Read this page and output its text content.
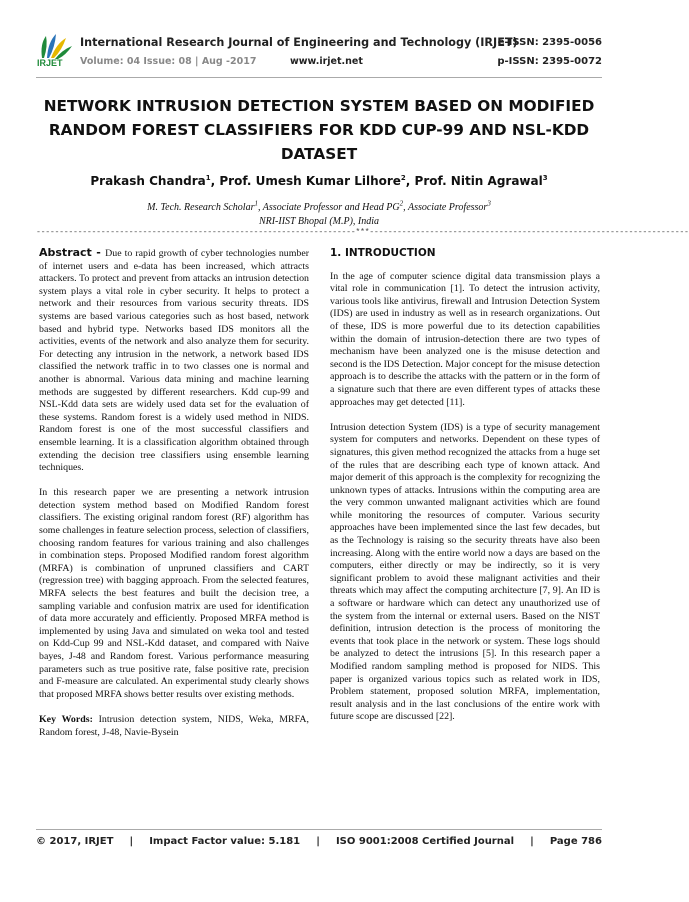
IRJET
International Research Journal of Engineering and Technology (IRJET)
e-ISSN: 2395-0056
Volume: 04 Issue: 08 | Aug -2017	www.irjet.net	p-ISSN: 2395-0072
NETWORK INTRUSION DETECTION SYSTEM BASED ON MODIFIED RANDOM FOREST CLASSIFIERS FOR KDD CUP-99 AND NSL-KDD DATASET
Prakash Chandra$^1$, Prof. Umesh Kumar Lilhore$^2$, Prof. Nitin Agrawal$^3$
M. Tech. Research Scholar$^1$, Associate Professor and Head $PG^2$, Associate Professor$^3$
NRI-IIST Bhopal (M.P), India
---------------------------------------------------------------------***---------------------------------------------------------------------

Abstract - Due to rapid growth of cyber technologies number of internet users and e-data has been increased, which attracts attackers. To protect and prevent from attacks an intrusion detection system plays a vital role in cyber security. It helps to protect a network and their resources from various security threats. IDS systems are based various categories such as host based, network based and hybrid type. Networks based IDS monitors all the activities, events of the network and also analyze them for security. For detecting any intrusion in the network, a network based IDS classified the network traffic in to two classes one is normal and another is abnormal. Various data mining and machine learning methods are suggested by different researchers. Kdd cup-99 and NSL-Kdd data sets are widely used data set for the evaluation of these systems. Random forest is a widely used method in NIDS. Random forest is one of the most successful classifiers and ensemble learning. It is a classification algorithm obtained through extending the decision tree classifiers using ensemble learning techniques.

In this research paper we are presenting a network intrusion detection system method based on Modified Random forest classifiers. The existing original random forest (RF) algorithm has some challenges in feature selection process, selection of classifiers, choosing random features for various training and also challenges in combination steps. Proposed Modified random forest algorithm (MRFA) is combination of unpruned classifiers and CART (regression tree) with bagging approach. From the selected features, MRFA selects the best features and built the decision tree, a sampling variable and confusion matrix are used for identification of data more accurately and efficiently. Proposed MRFA method is implemented by using Java and simulated on weka tool and tested on Kdd-Cup 99 and NSL-Kdd dataset, and compared with Naive bayes, J-48 and Random forest. Various performance measuring parameters such as true positive rate, false positive rate, precision and F-measure are calculated. An experimental study clearly shows that proposed MRFA shows better results over existing methods.

Key Words: Intrusion detection system, NIDS, Weka, MRFA, Random forest, J-48, Navie-Bysein

1. INTRODUCTION

In the age of computer science digital data transmission plays a vital role in communication [1]. To detect the intrusion activity, various tools like antivirus, firewall and Intrusion Detection System (IDS) are used in industry as well as in research organizations. Out of these, IDS is more powerful due to its detection capabilities within the domain of intrusion-detection there are two types of mechanism have been analyzed one is the misuse detection and second is the IDS Detection. Major concept for the misuse detection approach is to describe the attacks with the pattern or in the form of a signature such that there are even different types of attacks these approaches may get detected [11].

Intrusion detection System (IDS) is a type of security management system for computers and networks. Dependent on these types of signatures, this given method recognized the attacks from a huge set of the rules that are describing each type of known attack. And major demerit of this approach is the complexity for recognizing the unknown types of attacks. Intrusions within the computing area are the very common unwanted malignant activities which are found while monitoring the resources of computer. Various security approaches have been implemented since the last few decades, but as the Technology is raising so the security threats have also been increasing. Along with the entire world now a days are based on the computers, either directly or may be indirectly, so it is very significant problem to avoid these malignant activities and their threats which may affect the computing architecture [7, 9]. An ID is a software or hardware which can detect any unauthorized use of the system from the internal or external users. Based on the NIST definition, intrusion detection is the process of monitoring the events that took place in the network or system. These logs should be analyzed to detect the intrusions [5]. In this research paper a Modified random sampling method is proposed for NIDS. This paper is organized various topics such as related work in IDS, Problem statement, proposed solution MRFA, implementation, result analysis and in the last conclusions of the entire work with future scope are discussed [22].

© 2017, IRJET | Impact Factor value: 5.181 | ISO 9001:2008 Certified Journal | Page 786
